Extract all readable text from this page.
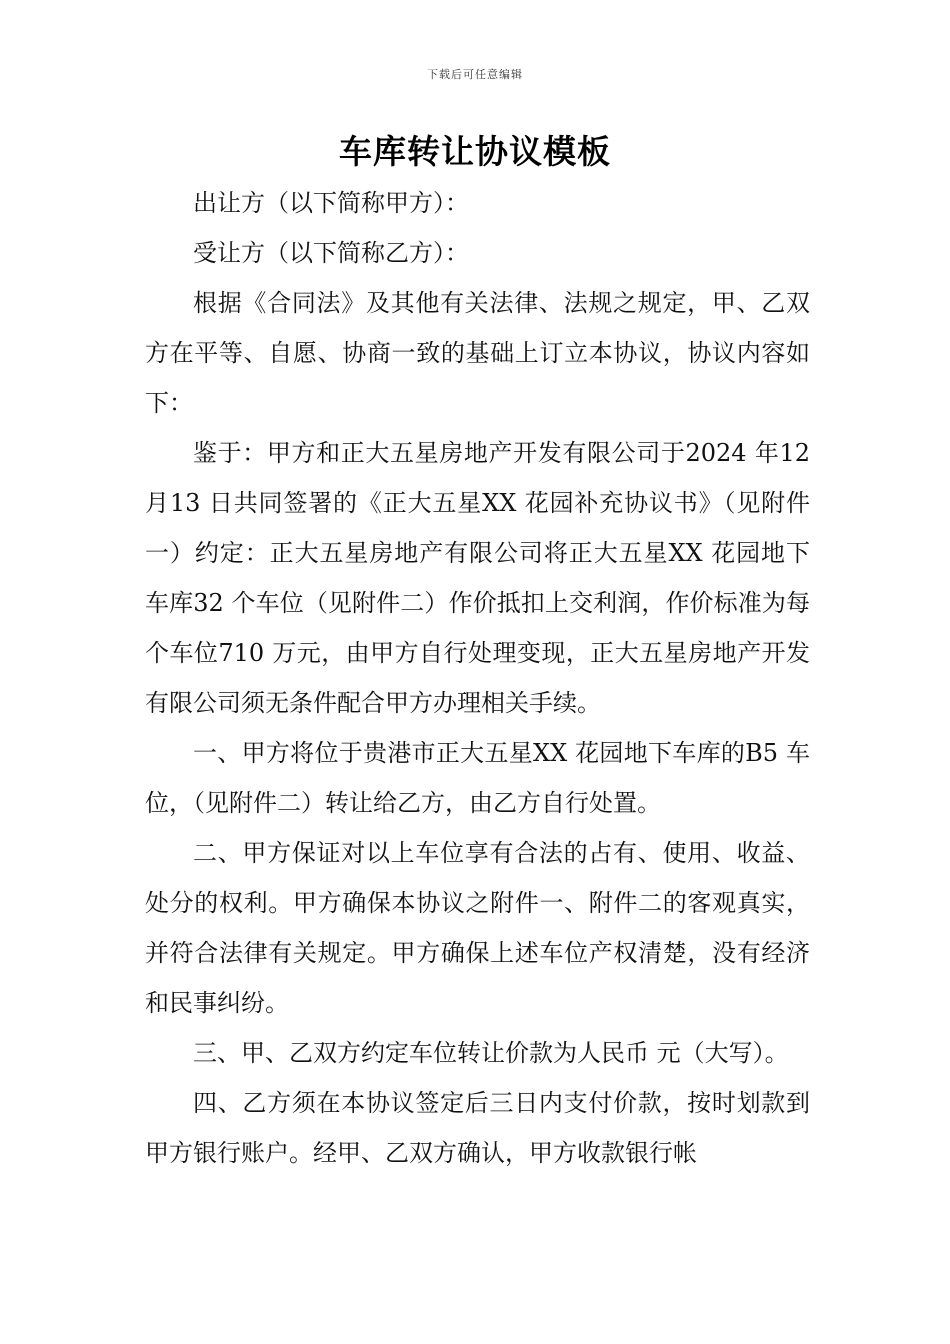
下载后可任意编辑
车库转让协议模板

出让方（以下简称甲方）：

受让方（以下简称乙方）：

根据《合同法》及其他有关法律、法规之规定，甲、乙双方在平等、自愿、协商一致的基础上订立本协议，协议内容如下：

鉴于：甲方和正大五星房地产开发有限公司于2024 年12 月13 日共同签署的《正大五星XX 花园补充协议书》（见附件一）约定：正大五星房地产有限公司将正大五星XX 花园地下车库32 个车位（见附件二）作价抵扣上交利润，作价标准为每个车位710 万元，由甲方自行处理变现，正大五星房地产开发有限公司须无条件配合甲方办理相关手续。

一、甲方将位于贵港市正大五星XX 花园地下车库的B5 车位，（见附件二）转让给乙方，由乙方自行处置。

二、甲方保证对以上车位享有合法的占有、使用、收益、处分的权利。甲方确保本协议之附件一、附件二的客观真实，并符合法律有关规定。甲方确保上述车位产权清楚，没有经济和民事纠纷。

三、甲、乙双方约定车位转让价款为人民币 元（大写）。

四、乙方须在本协议签定后三日内支付价款，按时划款到甲方银行账户。经甲、乙双方确认，甲方收款银行帐
